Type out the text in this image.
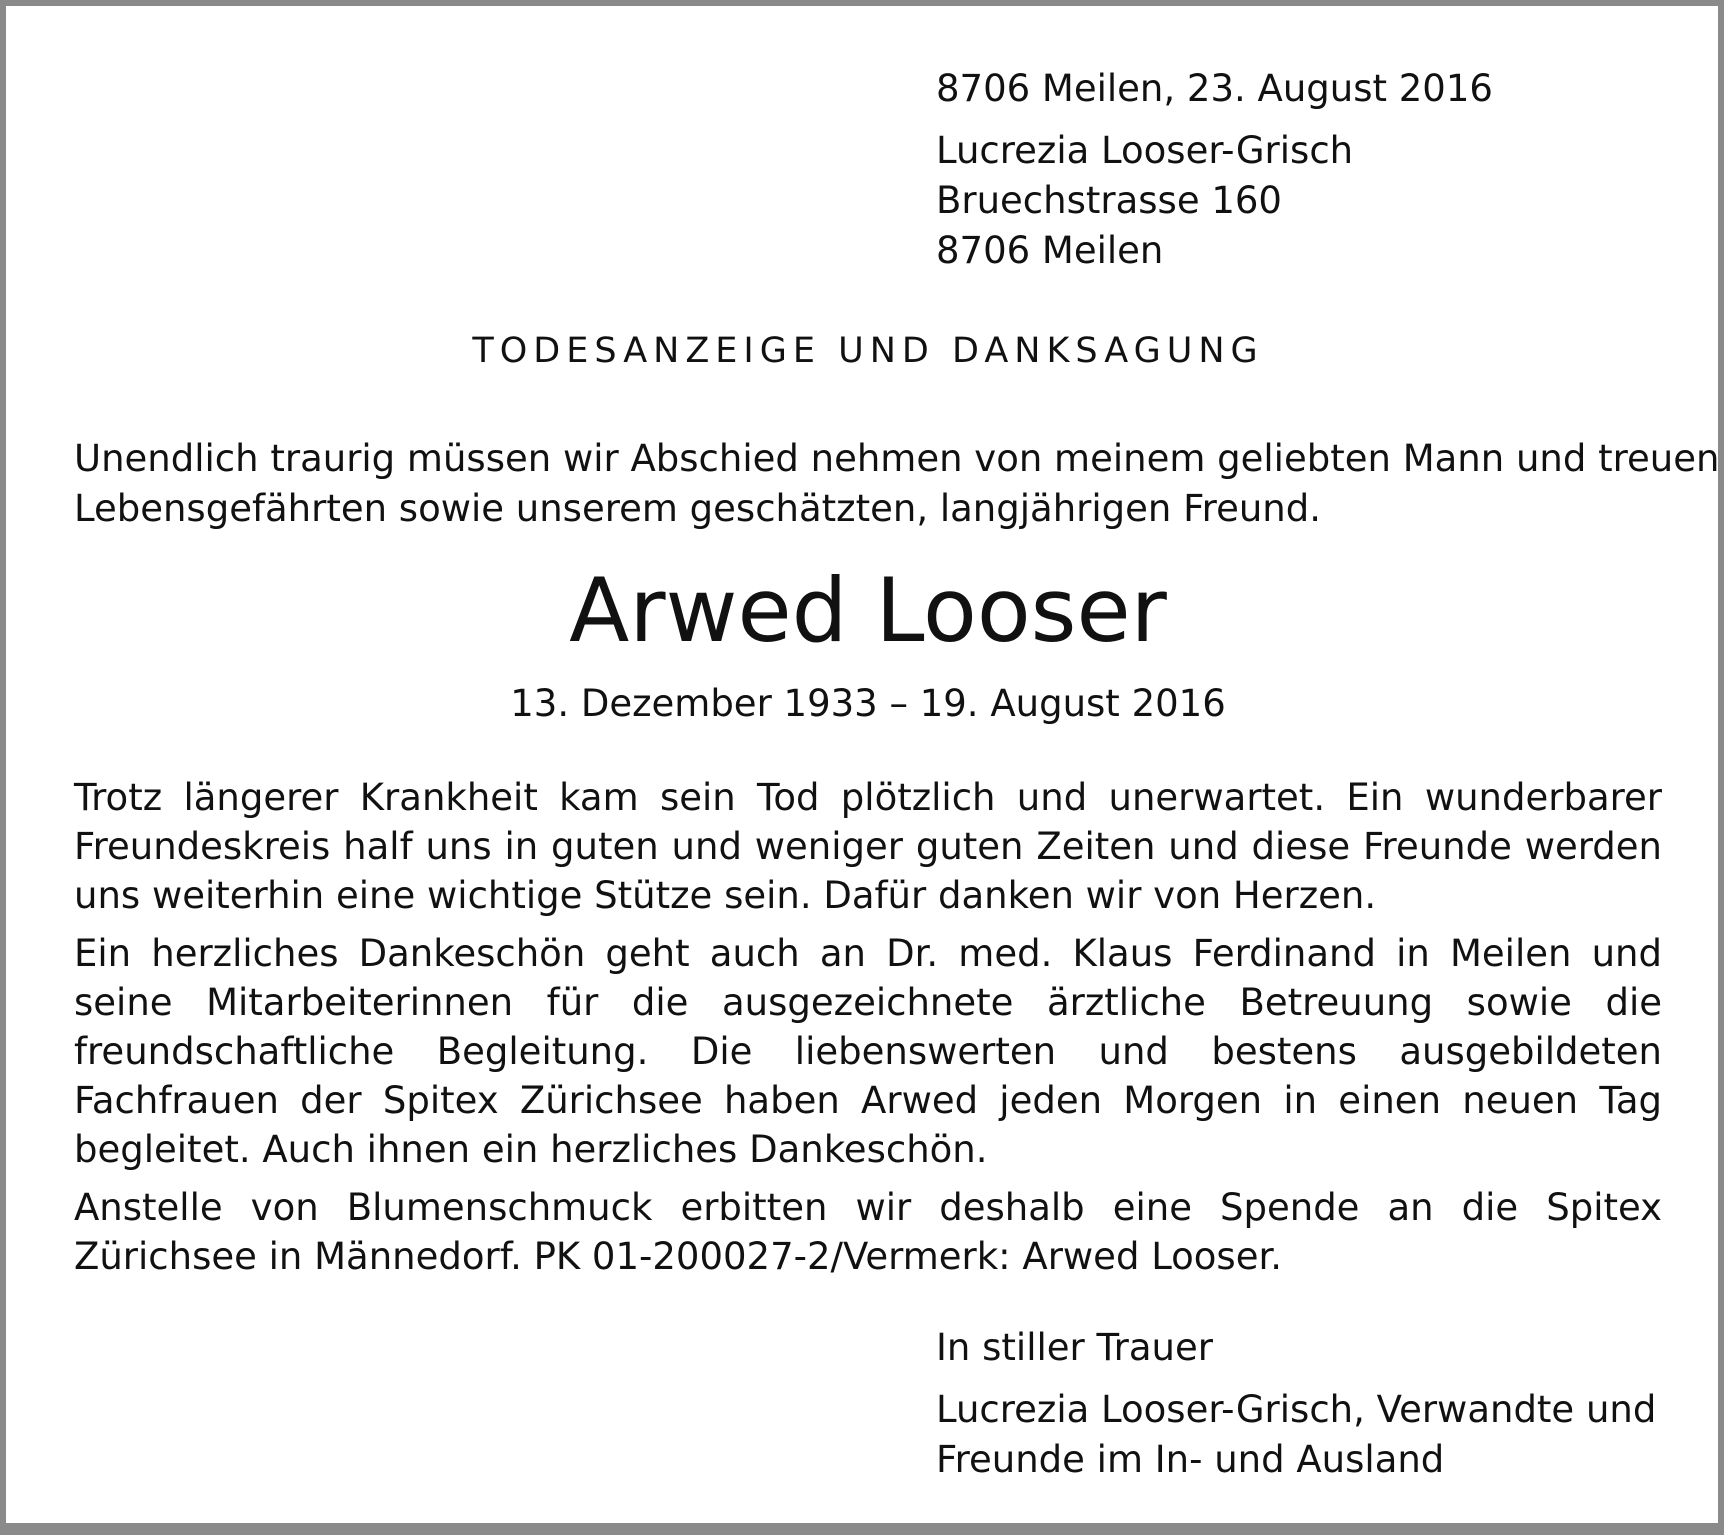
8706 Meilen, 23. August 2016
Lucrezia Looser-Grisch
Bruechstrasse 160
8706 Meilen
TODESANZEIGE UND DANKSAGUNG
Unendlich traurig müssen wir Abschied nehmen von meinem geliebten Mann und treuen
Lebensgefährten sowie unserem geschätzten, langjährigen Freund.
Arwed Looser
13. Dezember 1933 – 19. August 2016

Trotz längerer Krankheit kam sein Tod plötzlich und unerwartet. Ein wunderbarer Freundeskreis half uns in guten und weniger guten Zeiten und diese Freunde werden uns weiterhin eine wichtige Stütze sein. Dafür danken wir von Herzen.

Ein herzliches Dankeschön geht auch an Dr. med. Klaus Ferdinand in Meilen und seine Mitarbeiterinnen für die ausgezeichnete ärztliche Betreuung sowie die freundschaftliche Begleitung. Die liebenswerten und bestens ausgebildeten Fachfrauen der Spitex Zürichsee haben Arwed jeden Morgen in einen neuen Tag begleitet. Auch ihnen ein herzliches Dankeschön.

Anstelle von Blumenschmuck erbitten wir deshalb eine Spende an die Spitex Zürichsee in Männedorf. PK 01-200027-2/Vermerk: Arwed Looser.

In stiller Trauer
Lucrezia Looser-Grisch, Verwandte und
Freunde im In- und Ausland
